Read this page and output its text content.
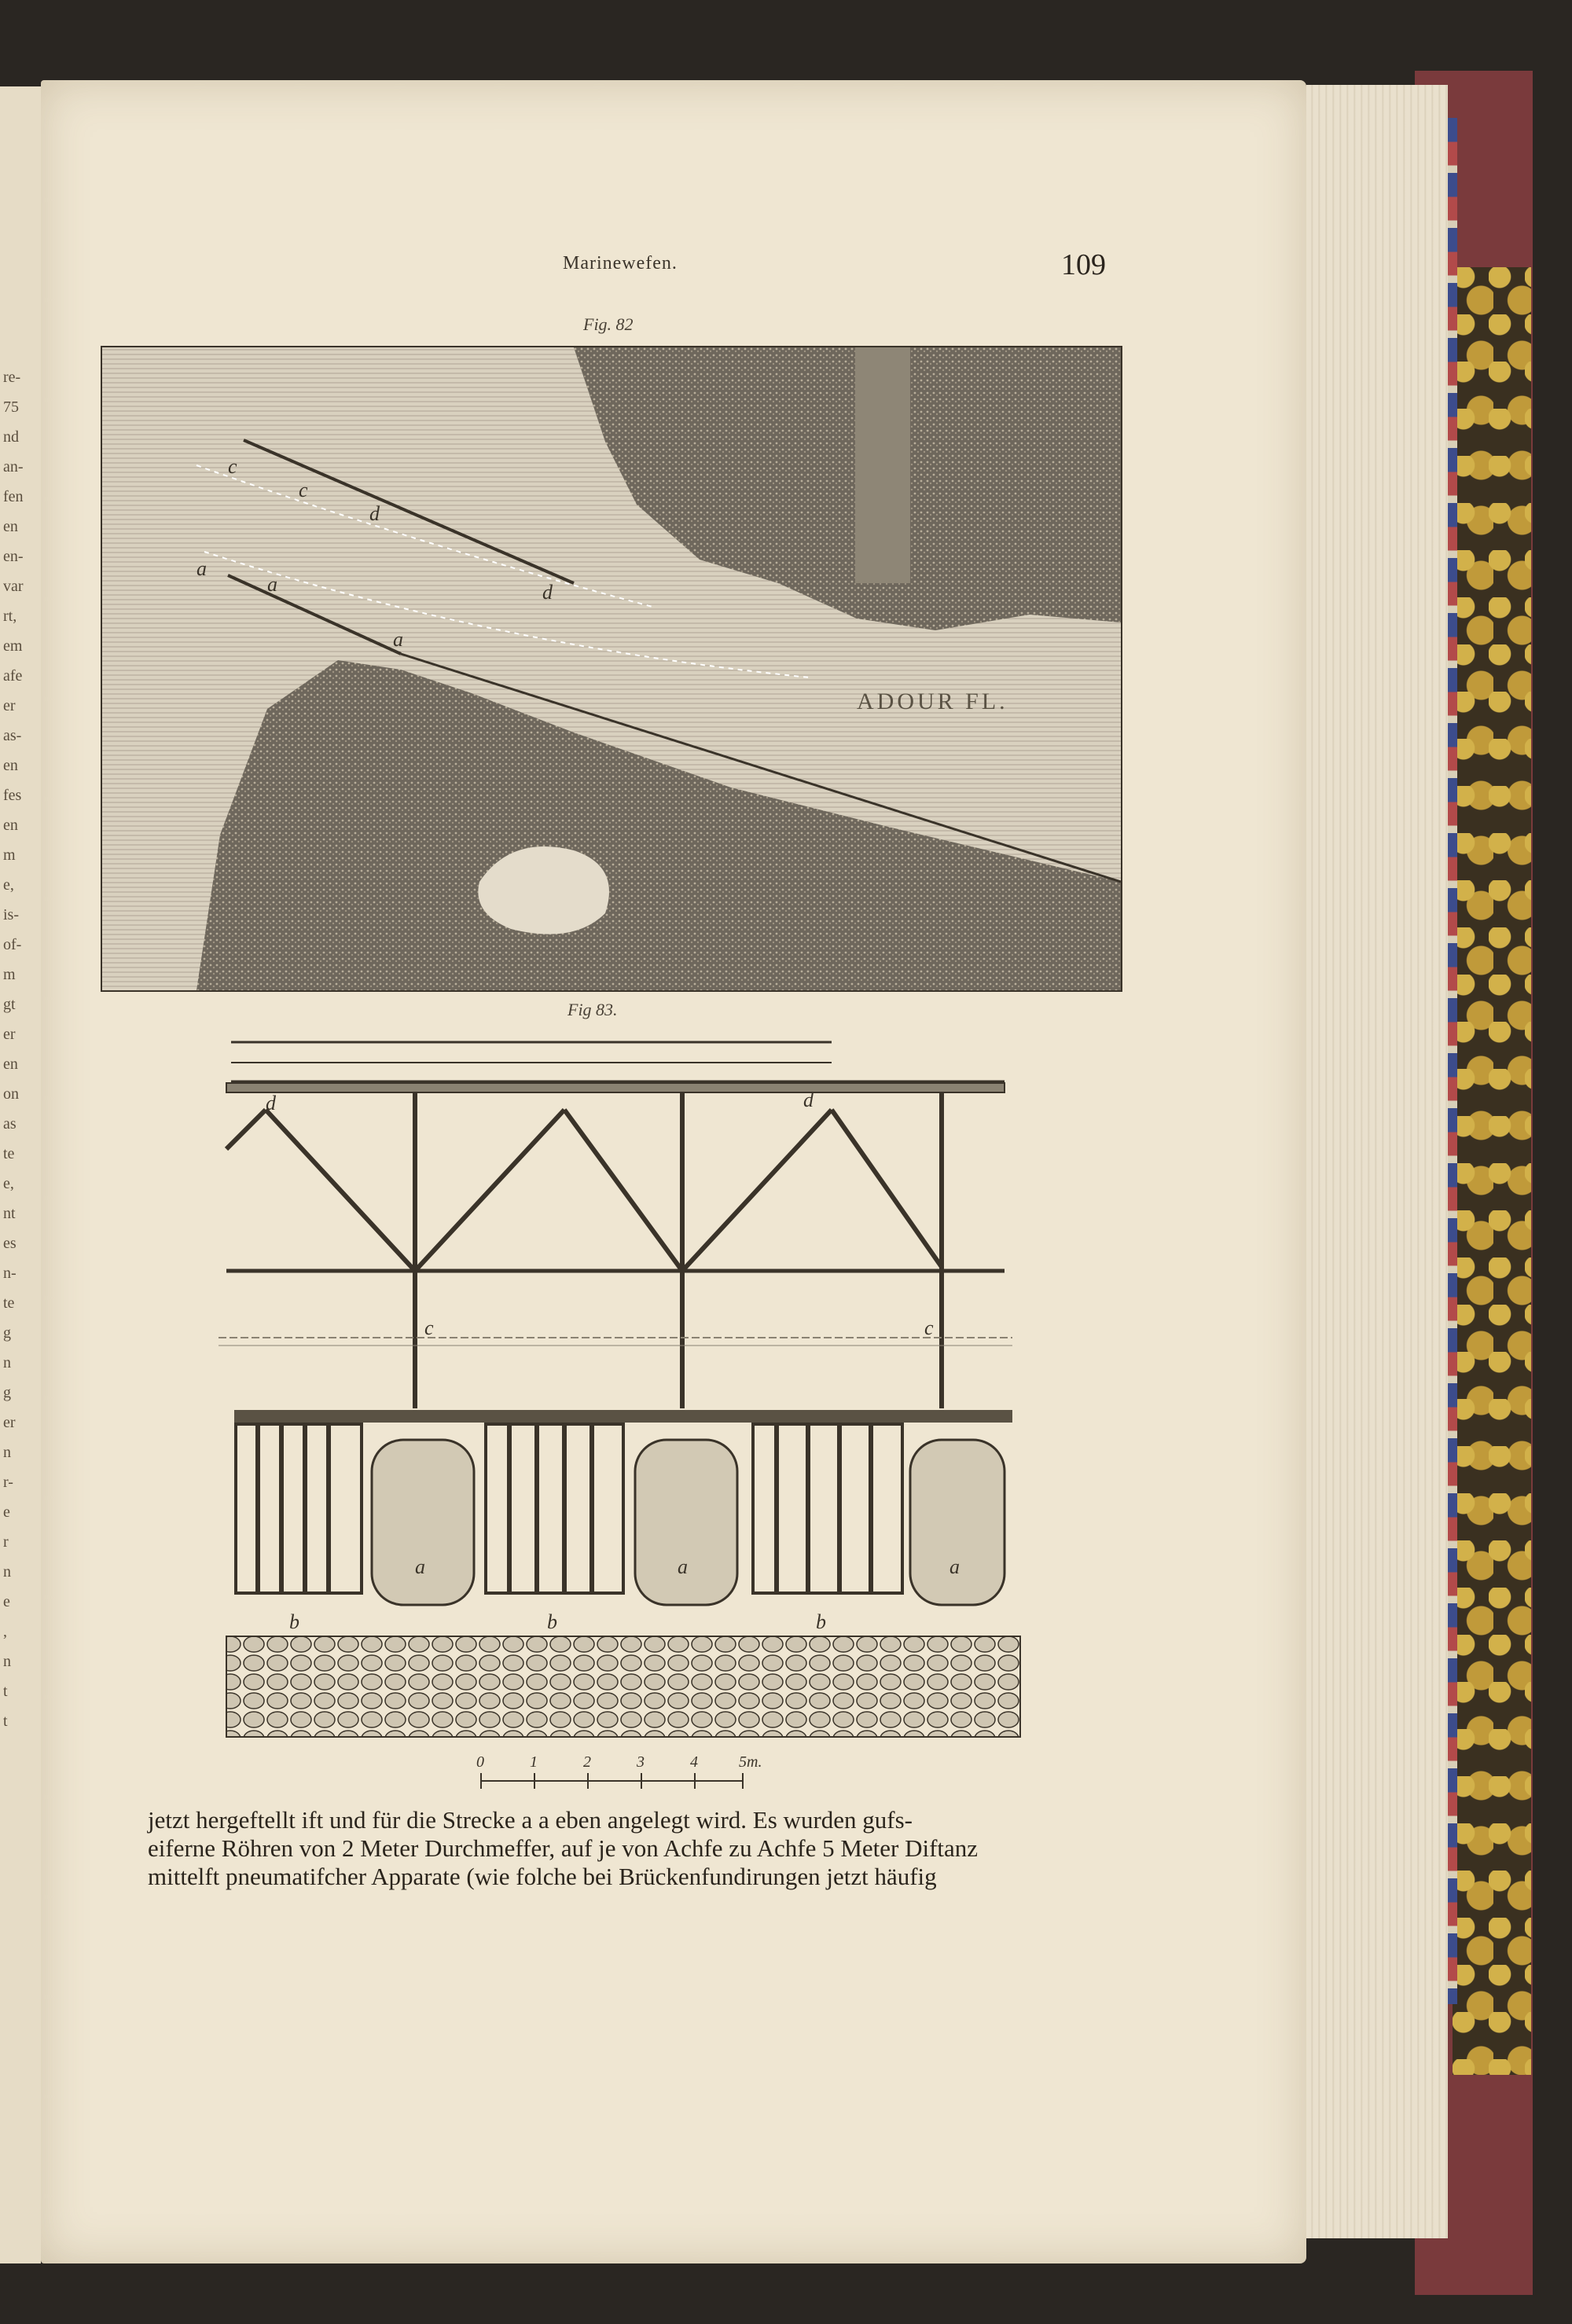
re-
75
nd
an-
fen
en
en-
var
rt,
em
afe
er
as-
en
fes
en
m
e,
is-
of-
m
gt
er
en
on
as
te
e,
nt
es
n-
te
g
n
g
er
n
r-
e
r
n
e
,
n
t
t
Marinewefen.	109
Fig. 82
c
c
d
d
a
a
a
ADOUR FL.
Fig 83.
d	d
c	c
a	a	a
b	b	b
0	1	2	3	4	5m.
jetzt hergeftellt ift und für die Strecke a a eben angelegt wird. Es wurden gufs-
eiferne Röhren von 2 Meter Durchmeffer, auf je von Achfe zu Achfe 5 Meter Diftanz
mittelft pneumatifcher Apparate (wie folche bei Brückenfundirungen jetzt häufig
